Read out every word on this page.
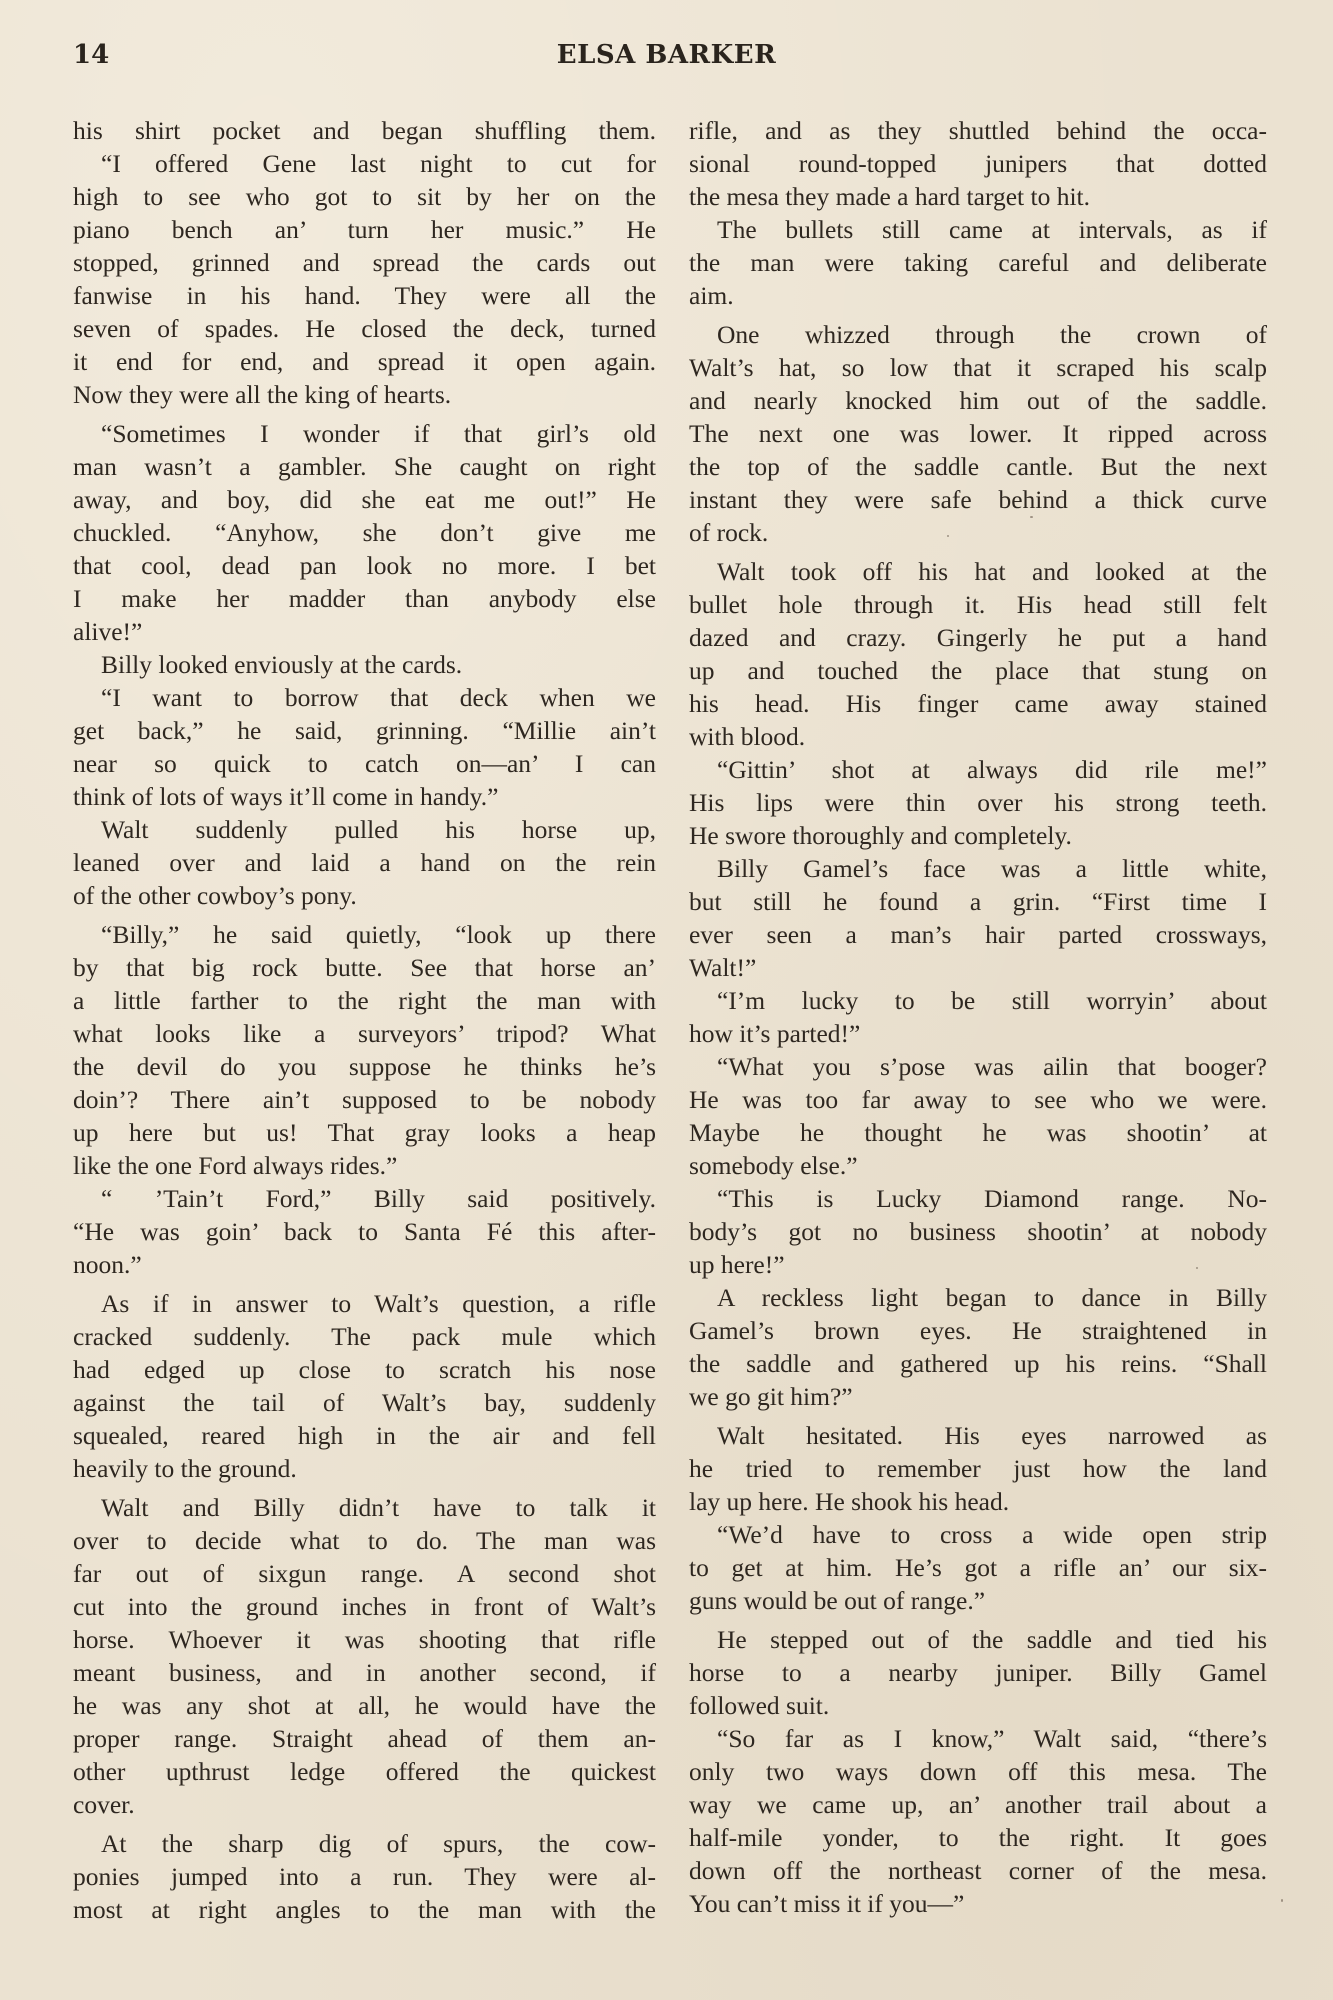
14	ELSA BARKER
his shirt pocket and began shuffling them.
“I offered Gene last night to cut for
high to see who got to sit by her on the
piano bench an’ turn her music.” He
stopped, grinned and spread the cards out
fanwise in his hand. They were all the
seven of spades. He closed the deck, turned
it end for end, and spread it open again.
Now they were all the king of hearts.
“Sometimes I wonder if that girl’s old
man wasn’t a gambler. She caught on right
away, and boy, did she eat me out!” He
chuckled. “Anyhow, she don’t give me
that cool, dead pan look no more. I bet
I make her madder than anybody else
alive!”
Billy looked enviously at the cards.
“I want to borrow that deck when we
get back,” he said, grinning. “Millie ain’t
near so quick to catch on—an’ I can
think of lots of ways it’ll come in handy.”
Walt suddenly pulled his horse up,
leaned over and laid a hand on the rein
of the other cowboy’s pony.
“Billy,” he said quietly, “look up there
by that big rock butte. See that horse an’
a little farther to the right the man with
what looks like a surveyors’ tripod? What
the devil do you suppose he thinks he’s
doin’? There ain’t supposed to be nobody
up here but us! That gray looks a heap
like the one Ford always rides.”
“ ’Tain’t Ford,” Billy said positively.
“He was goin’ back to Santa Fé this after-
noon.”
As if in answer to Walt’s question, a rifle
cracked suddenly. The pack mule which
had edged up close to scratch his nose
against the tail of Walt’s bay, suddenly
squealed, reared high in the air and fell
heavily to the ground.
Walt and Billy didn’t have to talk it
over to decide what to do. The man was
far out of sixgun range. A second shot
cut into the ground inches in front of Walt’s
horse. Whoever it was shooting that rifle
meant business, and in another second, if
he was any shot at all, he would have the
proper range. Straight ahead of them an-
other upthrust ledge offered the quickest
cover.
At the sharp dig of spurs, the cow-
ponies jumped into a run. They were al-
most at right angles to the man with the
rifle, and as they shuttled behind the occa-
sional round-topped junipers that dotted
the mesa they made a hard target to hit.
The bullets still came at intervals, as if
the man were taking careful and deliberate
aim.
One whizzed through the crown of
Walt’s hat, so low that it scraped his scalp
and nearly knocked him out of the saddle.
The next one was lower. It ripped across
the top of the saddle cantle. But the next
instant they were safe behind a thick curve
of rock.
Walt took off his hat and looked at the
bullet hole through it. His head still felt
dazed and crazy. Gingerly he put a hand
up and touched the place that stung on
his head. His finger came away stained
with blood.
“Gittin’ shot at always did rile me!”
His lips were thin over his strong teeth.
He swore thoroughly and completely.
Billy Gamel’s face was a little white,
but still he found a grin. “First time I
ever seen a man’s hair parted crossways,
Walt!”
“I’m lucky to be still worryin’ about
how it’s parted!”
“What you s’pose was ailin that booger?
He was too far away to see who we were.
Maybe he thought he was shootin’ at
somebody else.”
“This is Lucky Diamond range. No-
body’s got no business shootin’ at nobody
up here!”
A reckless light began to dance in Billy
Gamel’s brown eyes. He straightened in
the saddle and gathered up his reins. “Shall
we go git him?”
Walt hesitated. His eyes narrowed as
he tried to remember just how the land
lay up here. He shook his head.
“We’d have to cross a wide open strip
to get at him. He’s got a rifle an’ our six-
guns would be out of range.”
He stepped out of the saddle and tied his
horse to a nearby juniper. Billy Gamel
followed suit.
“So far as I know,” Walt said, “there’s
only two ways down off this mesa. The
way we came up, an’ another trail about a
half-mile yonder, to the right. It goes
down off the northeast corner of the mesa.
You can’t miss it if you—”
